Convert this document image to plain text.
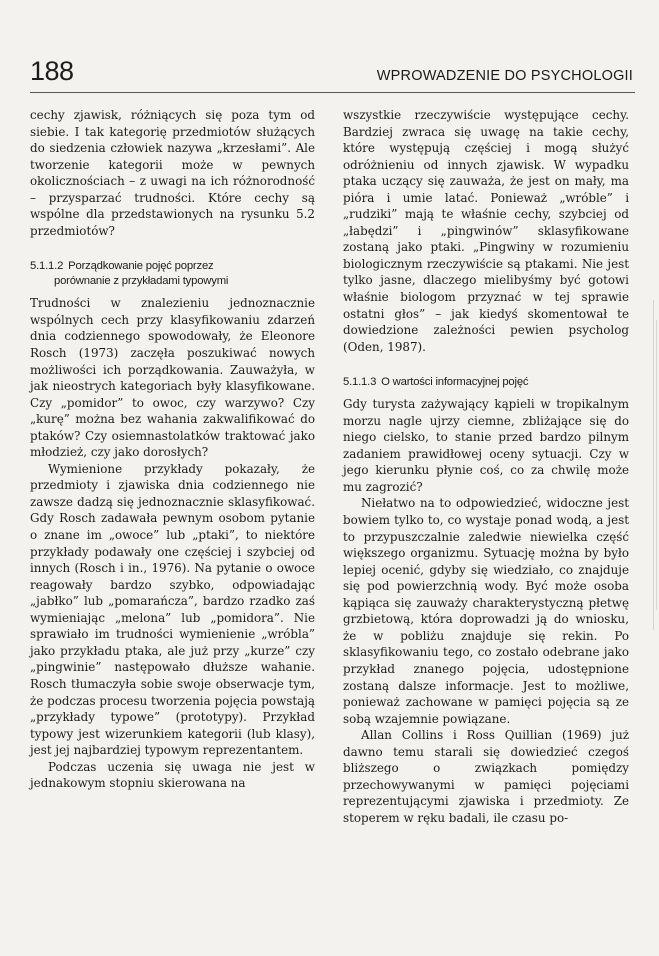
188	WPROWADZENIE DO PSYCHOLOGII

cechy zjawisk, różniących się poza tym od siebie. I tak kategorię przedmiotów służących do siedzenia człowiek nazywa „krzesłami”. Ale tworzenie kategorii może w pewnych okolicznościach – z uwagi na ich różnorodność – przysparzać trudności. Które cechy są wspólne dla przedstawionych na rysunku 5.2 przedmiotów?

5.1.1.2 Porządkowanie pojęć poprzez
porównanie z przykładami typowymi

Trudności w znalezieniu jednoznacznie wspólnych cech przy klasyfikowaniu zdarzeń dnia codziennego spowodowały, że Eleonore Rosch (1973) zaczęła poszukiwać nowych możliwości ich porządkowania. Zauważyła, w jak nieostrych kategoriach były klasyfikowane. Czy „pomidor” to owoc, czy warzywo? Czy „kurę” można bez wahania zakwalifikować do ptaków? Czy osiemnastolatków traktować jako młodzież, czy jako dorosłych?

Wymienione przykłady pokazały, że przedmioty i zjawiska dnia codziennego nie zawsze dadzą się jednoznacznie sklasyfikować. Gdy Rosch zadawała pewnym osobom pytanie o znane im „owoce” lub „ptaki”, to niektóre przykłady podawały one częściej i szybciej od innych (Rosch i in., 1976). Na pytanie o owoce reagowały bardzo szybko, odpowiadając „jabłko” lub „pomarańcza”, bardzo rzadko zaś wymieniając „melona” lub „pomidora”. Nie sprawiało im trudności wymienienie „wróbla” jako przykładu ptaka, ale już przy „kurze” czy „pingwinie” następowało dłuższe wahanie. Rosch tłumaczyła sobie swoje obserwacje tym, że podczas procesu tworzenia pojęcia powstają „przykłady typowe” (prototypy). Przykład typowy jest wizerunkiem kategorii (lub klasy), jest jej najbardziej typowym reprezentantem.

Podczas uczenia się uwaga nie jest w jednakowym stopniu skierowana na

wszystkie rzeczywiście występujące cechy. Bardziej zwraca się uwagę na takie cechy, które występują częściej i mogą służyć odróżnieniu od innych zjawisk. W wypadku ptaka uczący się zauważa, że jest on mały, ma pióra i umie latać. Ponieważ „wróble” i „rudziki” mają te właśnie cechy, szybciej od „łabędzi” i „pingwinów” sklasyfikowane zostaną jako ptaki. „Pingwiny w rozumieniu biologicznym rzeczywiście są ptakami. Nie jest tylko jasne, dlaczego mielibyśmy być gotowi właśnie biologom przyznać w tej sprawie ostatni głos” – jak kiedyś skomentował te dowiedzione zależności pewien psycholog (Oden, 1987).

5.1.1.3 O wartości informacyjnej pojęć

Gdy turysta zażywający kąpieli w tropikalnym morzu nagle ujrzy ciemne, zbliżające się do niego cielsko, to stanie przed bardzo pilnym zadaniem prawidłowej oceny sytuacji. Czy w jego kierunku płynie coś, co za chwilę może mu zagrozić?

Niełatwo na to odpowiedzieć, widoczne jest bowiem tylko to, co wystaje ponad wodą, a jest to przypuszczalnie zaledwie niewielka część większego organizmu. Sytuację można by było lepiej ocenić, gdyby się wiedziało, co znajduje się pod powierzchnią wody. Być może osoba kąpiąca się zauważy charakterystyczną płetwę grzbietową, która doprowadzi ją do wniosku, że w pobliżu znajduje się rekin. Po sklasyfikowaniu tego, co zostało odebrane jako przykład znanego pojęcia, udostępnione zostaną dalsze informacje. Jest to możliwe, ponieważ zachowane w pamięci pojęcia są ze sobą wzajemnie powiązane.

Allan Collins i Ross Quillian (1969) już dawno temu starali się dowiedzieć czegoś bliższego o związkach pomiędzy przechowywanymi w pamięci pojęciami reprezentującymi zjawiska i przedmioty. Ze stoperem w ręku badali, ile czasu po-
